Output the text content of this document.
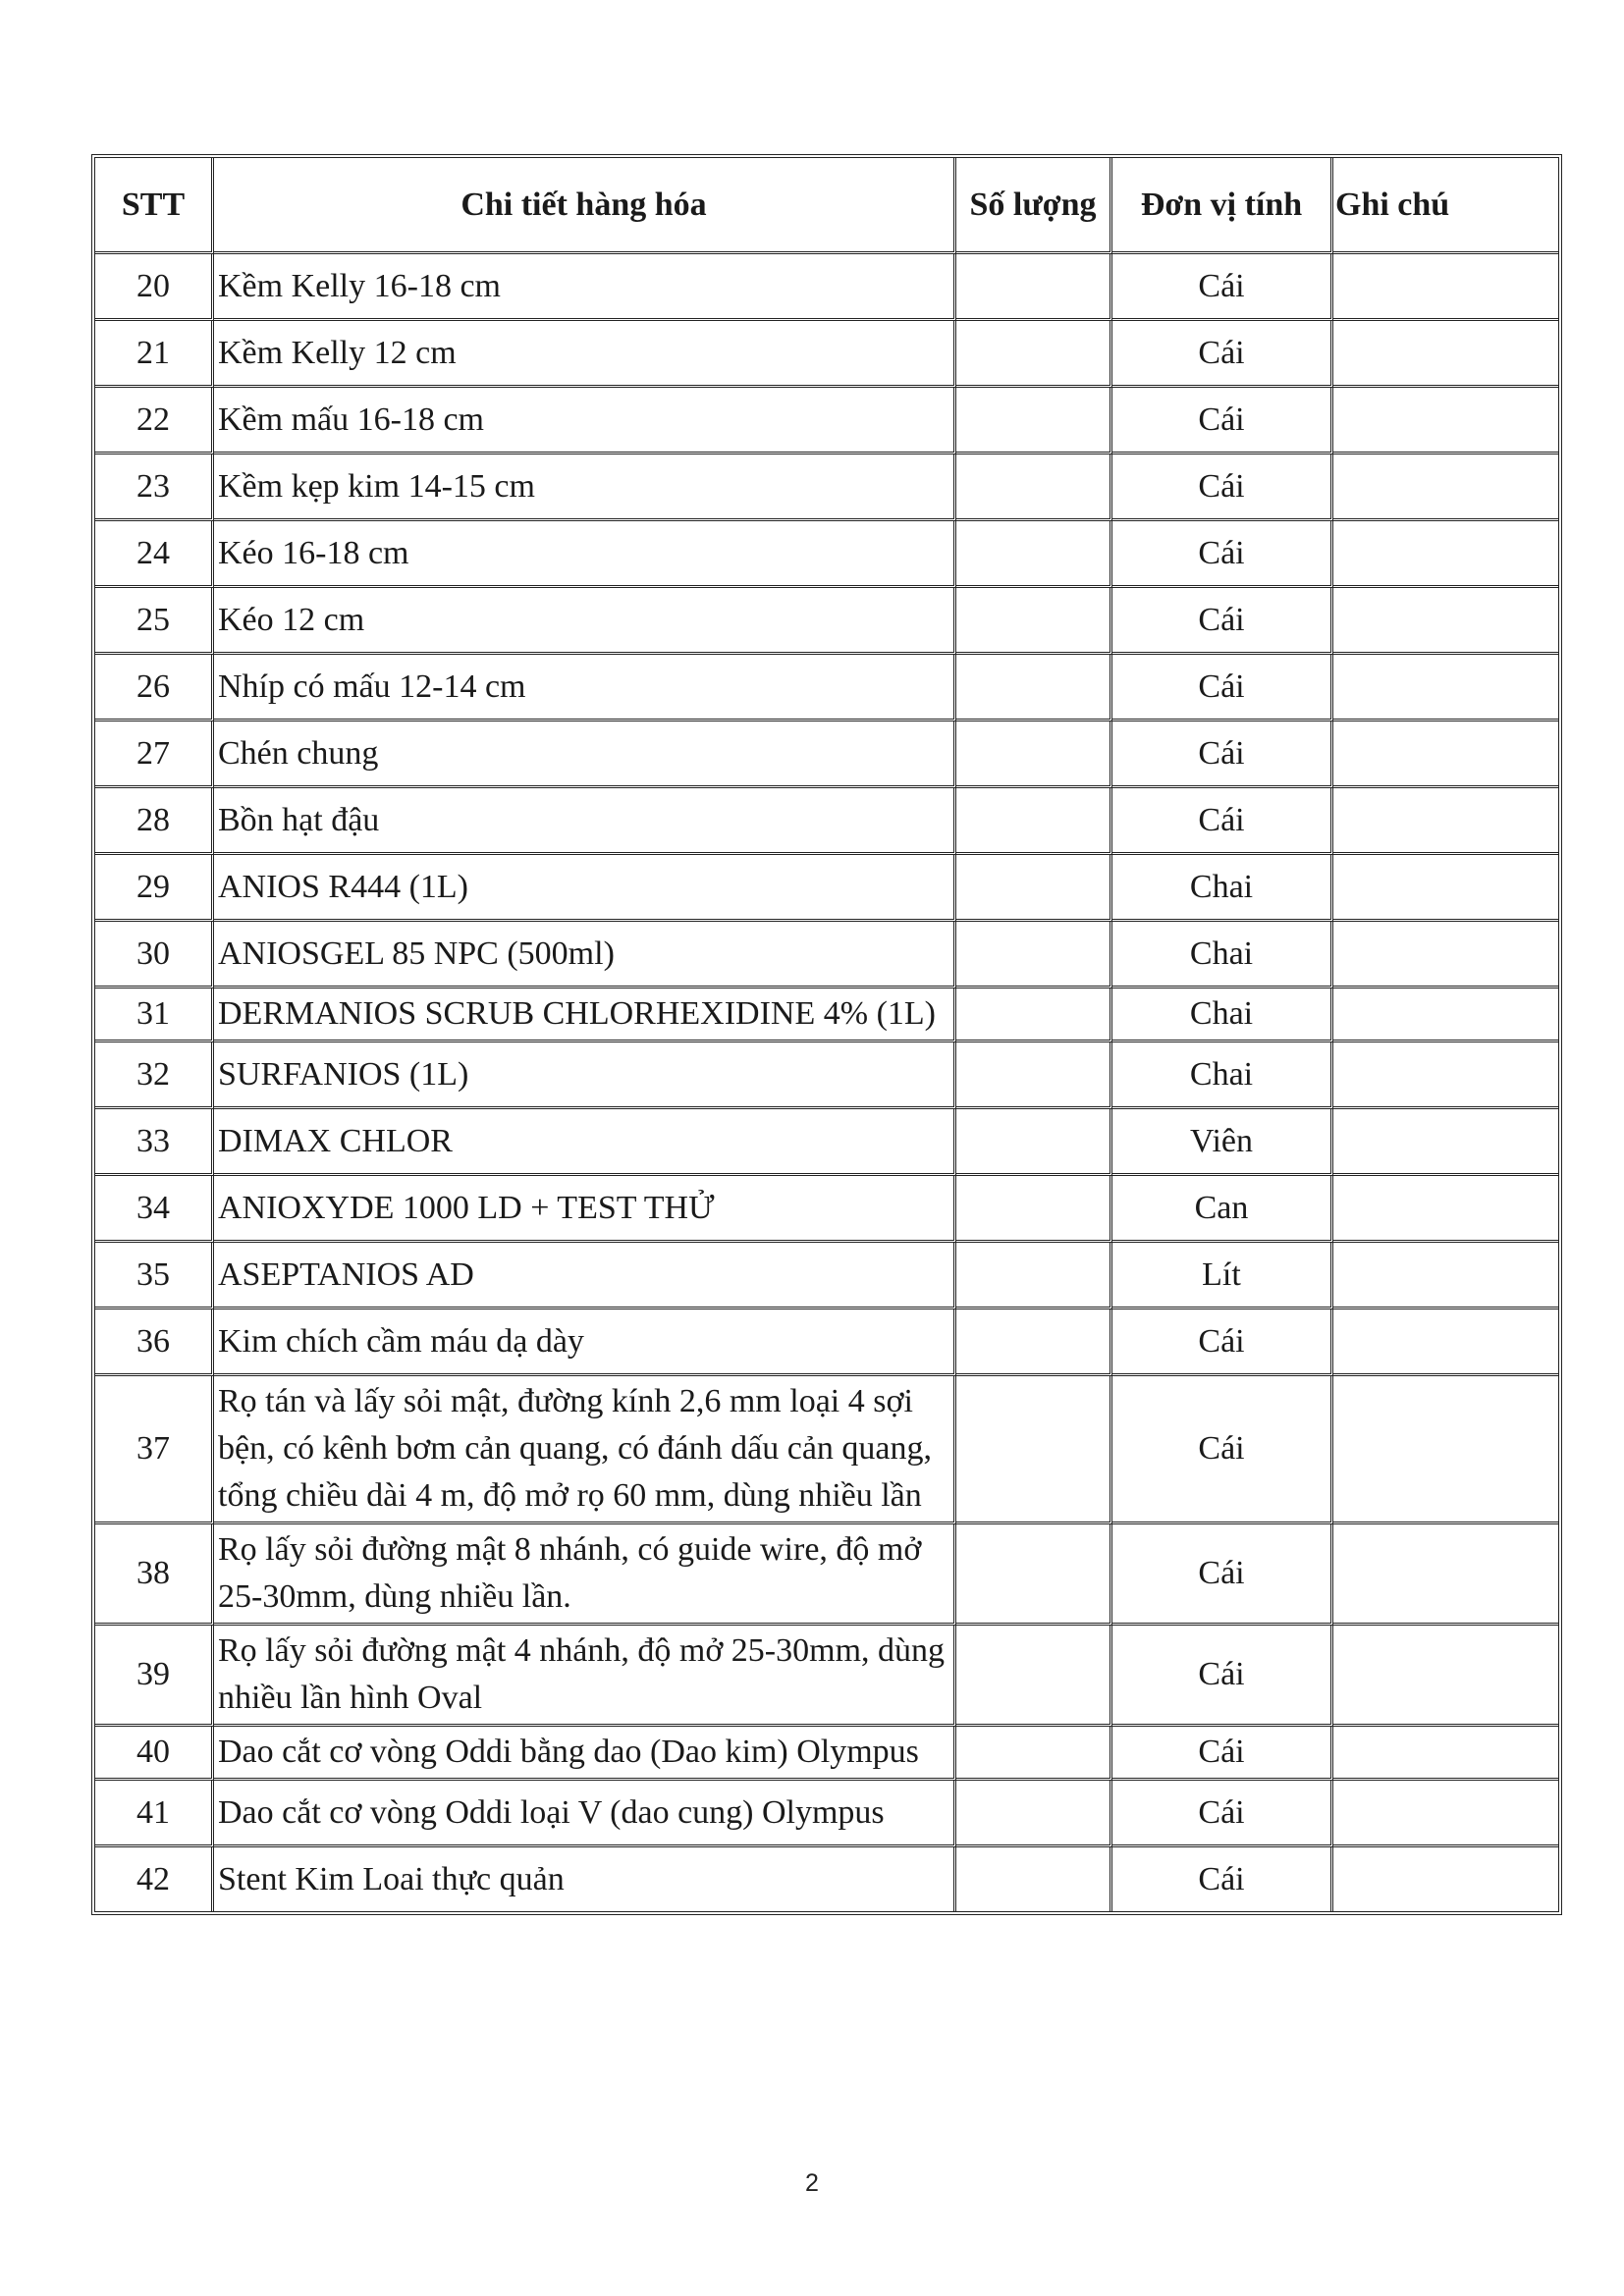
STT	Chi tiết hàng hóa	Số lượng	Đơn vị tính	Ghi chú
20	Kềm Kelly 16-18 cm		Cái	
21	Kềm Kelly 12 cm		Cái	
22	Kềm mấu 16-18 cm		Cái	
23	Kềm kẹp kim 14-15 cm		Cái	
24	Kéo 16-18 cm		Cái	
25	Kéo 12 cm		Cái	
26	Nhíp có mấu 12-14 cm		Cái	
27	Chén chung		Cái	
28	Bồn hạt đậu		Cái	
29	ANIOS R444 (1L)		Chai	
30	ANIOSGEL 85 NPC (500ml)		Chai	
31	DERMANIOS SCRUB CHLORHEXIDINE 4% (1L)		Chai	
32	SURFANIOS (1L)		Chai	
33	DIMAX CHLOR		Viên	
34	ANIOXYDE 1000 LD + TEST THỬ		Can	
35	ASEPTANIOS AD		Lít	
36	Kim chích cầm máu dạ dày		Cái	
37	Rọ tán và lấy sỏi mật, đường kính 2,6 mm loại 4 sợi bện, có kênh bơm cản quang, có đánh dấu cản quang, tổng chiều dài 4 m, độ mở rọ 60 mm, dùng nhiều lần		Cái	
38	Rọ lấy sỏi đường mật 8 nhánh, có guide wire, độ mở 25-30mm, dùng nhiều lần.		Cái	
39	Rọ lấy sỏi đường mật 4 nhánh, độ mở 25-30mm, dùng nhiều lần hình Oval		Cái	
40	Dao cắt cơ vòng Oddi bằng dao (Dao kim) Olympus		Cái	
41	Dao cắt cơ vòng Oddi loại V (dao cung) Olympus		Cái	
42	Stent Kim Loai thực quản		Cái	
2
